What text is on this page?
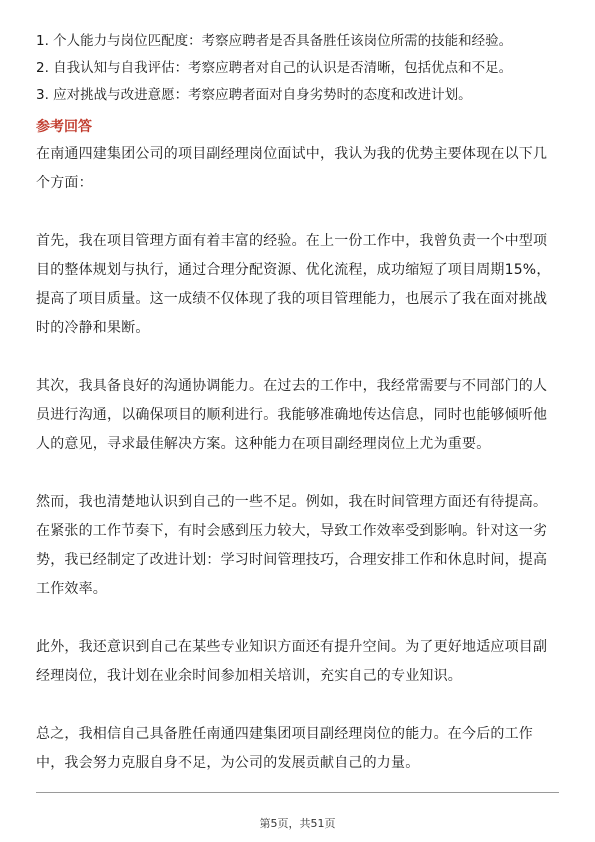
1. 个人能力与岗位匹配度：考察应聘者是否具备胜任该岗位所需的技能和经验。
2. 自我认知与自我评估：考察应聘者对自己的认识是否清晰，包括优点和不足。
3. 应对挑战与改进意愿：考察应聘者面对自身劣势时的态度和改进计划。
参考回答
在南通四建集团公司的项目副经理岗位面试中，我认为我的优势主要体现在以下几个方面：
首先，我在项目管理方面有着丰富的经验。在上一份工作中，我曾负责一个中型项目的整体规划与执行，通过合理分配资源、优化流程，成功缩短了项目周期15%，提高了项目质量。这一成绩不仅体现了我的项目管理能力，也展示了我在面对挑战时的冷静和果断。
其次，我具备良好的沟通协调能力。在过去的工作中，我经常需要与不同部门的人员进行沟通，以确保项目的顺利进行。我能够准确地传达信息，同时也能够倾听他人的意见，寻求最佳解决方案。这种能力在项目副经理岗位上尤为重要。
然而，我也清楚地认识到自己的一些不足。例如，我在时间管理方面还有待提高。在紧张的工作节奏下，有时会感到压力较大，导致工作效率受到影响。针对这一劣势，我已经制定了改进计划：学习时间管理技巧，合理安排工作和休息时间，提高工作效率。
此外，我还意识到自己在某些专业知识方面还有提升空间。为了更好地适应项目副经理岗位，我计划在业余时间参加相关培训，充实自己的专业知识。
总之，我相信自己具备胜任南通四建集团项目副经理岗位的能力。在今后的工作中，我会努力克服自身不足，为公司的发展贡献自己的力量。
第5页，共51页
